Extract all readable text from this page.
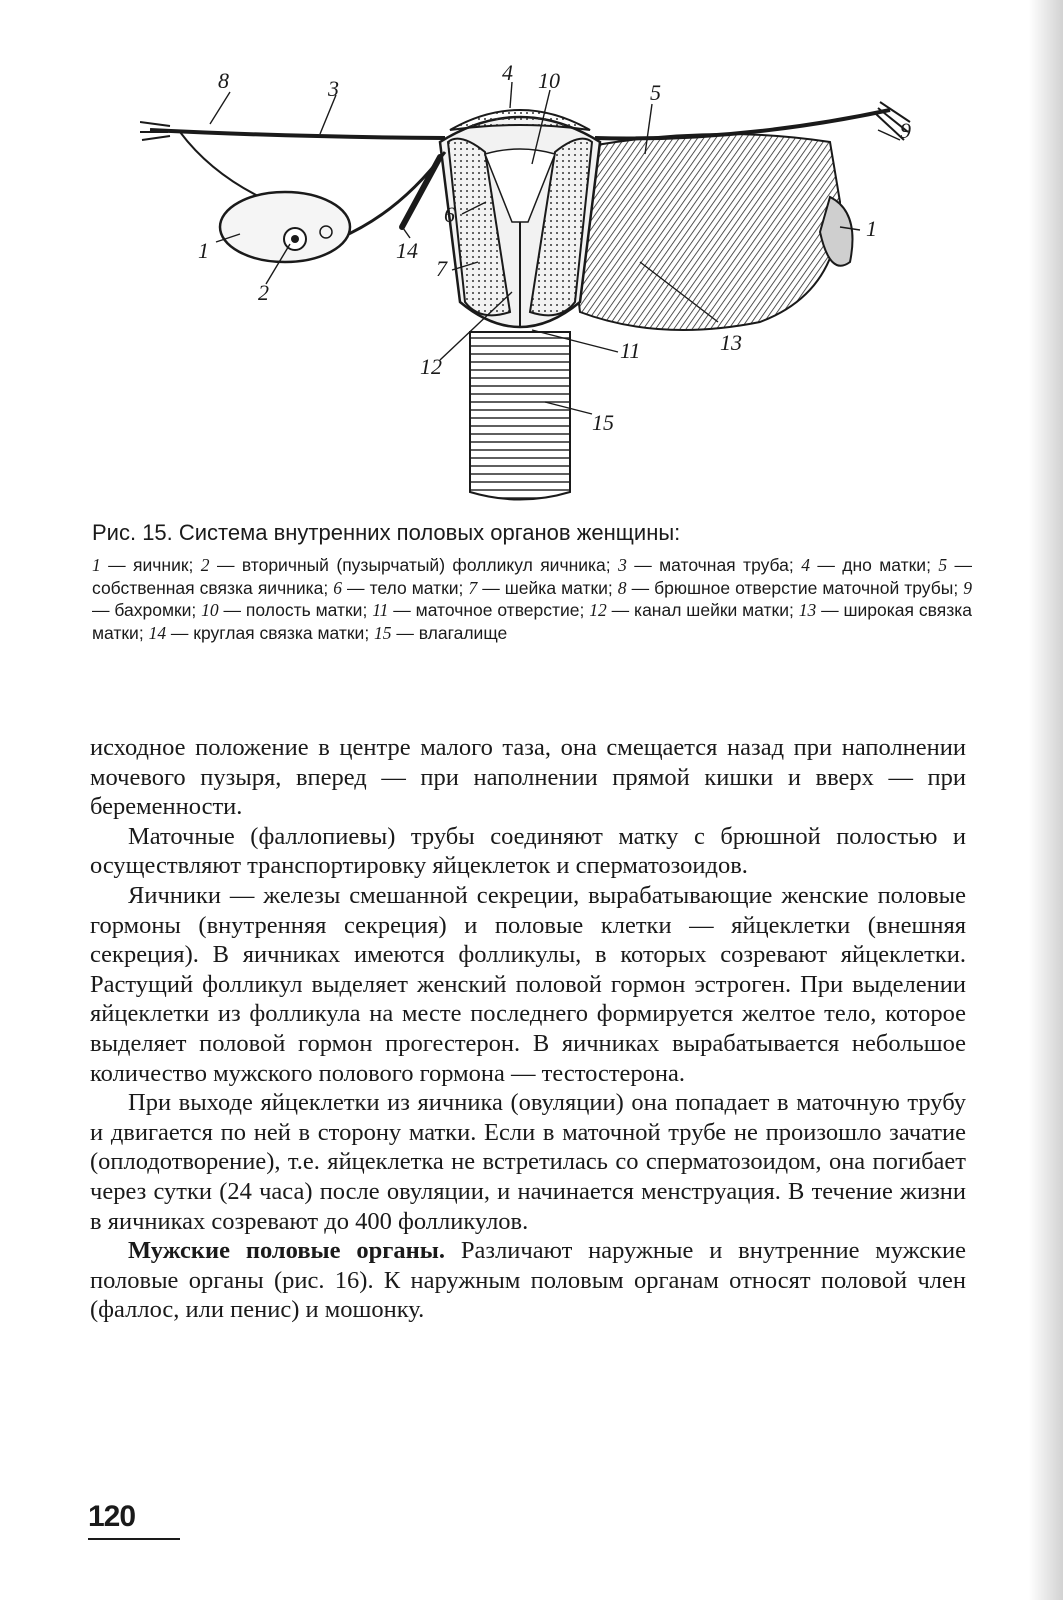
8	3
4 10	5
9
6
14
7
1
2
1
12
11	13
15

Рис. 15. Система внутренних половых органов женщины:

1 — яичник; 2 — вторичный (пузырчатый) фолликул яичника; 3 — маточная труба; 4 — дно матки; 5 — собственная связка яичника; 6 — тело матки; 7 — шейка матки; 8 — брюшное отверстие маточной трубы; 9 — бахромки; 10 — полость матки; 11 — маточное отверстие; 12 — канал шейки матки; 13 — широкая связка матки; 14 — круглая связка матки; 15 — влагалище

исходное положение в центре малого таза, она смещается назад при наполнении мочевого пузыря, вперед — при наполнении прямой кишки и вверх — при беременности.

Маточные (фаллопиевы) трубы соединяют матку с брюшной полостью и осуществляют транспортировку яйцеклеток и сперматозоидов.

Яичники — железы смешанной секреции, вырабатывающие женские половые гормоны (внутренняя секреция) и половые клетки — яйцеклетки (внешняя секреция). В яичниках имеются фолликулы, в которых созревают яйцеклетки. Растущий фолликул выделяет женский половой гормон эстроген. При выделении яйцеклетки из фолликула на месте последнего формируется желтое тело, которое выделяет половой гормон прогестерон. В яичниках вырабатывается небольшое количество мужского полового гормона — тестостерона.

При выходе яйцеклетки из яичника (овуляции) она попадает в маточную трубу и двигается по ней в сторону матки. Если в маточной трубе не произошло зачатие (оплодотворение), т.е. яйцеклетка не встретилась со сперматозоидом, она погибает через сутки (24 часа) после овуляции, и начинается менструация. В течение жизни в яичниках созревают до 400 фолликулов.

Мужские половые органы. Различают наружные и внутренние мужские половые органы (рис. 16). К наружным половым органам относят половой член (фаллос, или пенис) и мошонку.

120
